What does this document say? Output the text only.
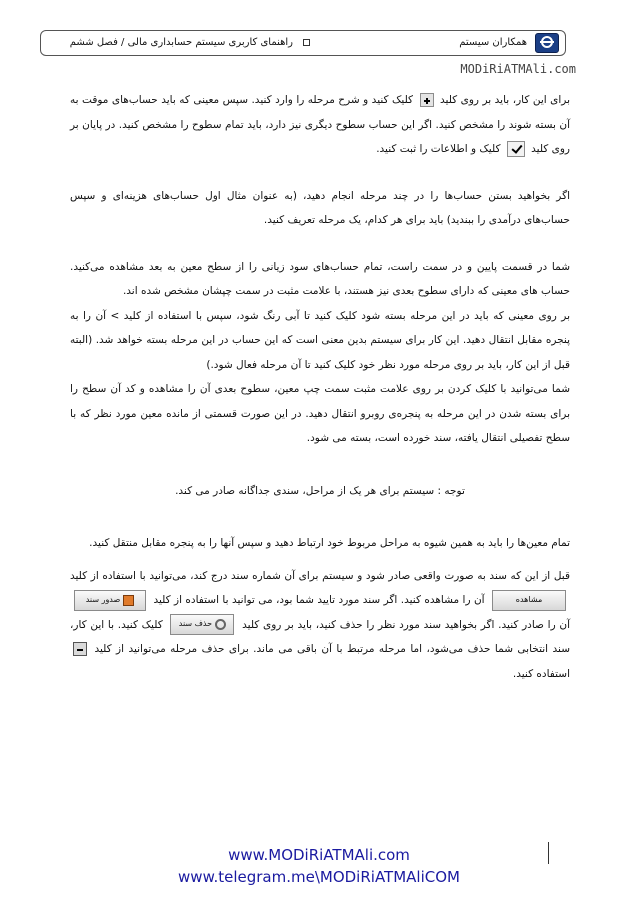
همکاران سیستم
راهنمای کاربری سیستم حسابداری مالی / فصل ششم
MODiRiATMAli.com

برای این کار، باید بر روی کلید  کلیک کنید و شرح مرحله را وارد کنید. سپس معینی که باید حساب‌های موقت به آن بسته شوند را مشخص کنید. اگر این حساب سطوح دیگری نیز دارد، باید تمام سطوح را مشخص کنید. در پایان بر روی کلید  کلیک و اطلاعات را ثبت کنید.

اگر بخواهید بستن حساب‌ها را در چند مرحله انجام دهید، (به عنوان مثال اول حساب‌های هزینه‌ای و سپس حساب‌های درآمدی را ببندید) باید برای هر کدام، یک مرحله تعریف کنید.

شما در قسمت پایین و در سمت راست، تمام حساب‌های سود زیانی را از سطح معین به بعد مشاهده می‌کنید. حساب های معینی که دارای سطوح بعدی نیز هستند، با علامت مثبت در سمت چپشان مشخص شده اند.

بر روی معینی که باید در این مرحله بسته شود کلیک کنید تا آبی رنگ شود، سپس با استفاده از کلید > آن را به پنجره مقابل انتقال دهید. این کار برای سیستم بدین معنی است که این حساب در این مرحله بسته خواهد شد. (البته قبل از این کار، باید بر روی مرحله مورد نظر خود کلیک کنید تا آن مرحله فعال شود.)

شما می‌توانید با کلیک کردن بر روی علامت مثبت سمت چپ معین، سطوح بعدی آن را مشاهده و کد آن سطح را برای بسته شدن در این مرحله به پنجره‌ی روبرو انتقال دهید. در این صورت قسمتی از مانده معین مورد نظر که با سطح تفصیلی انتقال یافته، سند خورده است، بسته می شود.

توجه : سیستم برای هر یک از مراحل، سندی جداگانه صادر می کند.

تمام معین‌ها را باید به همین شیوه به مراحل مربوط خود ارتباط دهید و سپس آنها را به پنجره مقابل منتقل کنید.

قبل از این که سند به صورت واقعی صادر شود و سیستم برای آن شماره سند درج کند، می‌توانید با استفاده از کلید
مشاهده
آن را مشاهده کنید. اگر سند مورد تایید شما بود، می توانید با استفاده از کلید
صدور سند
آن را صادر کنید. اگر بخواهید سند مورد نظر را حذف کنید، باید بر روی کلید
حذف سند
کلیک کنید. با این کار، سند انتخابی شما حذف می‌شود، اما مرحله مرتبط با آن باقی می ماند. برای حذف مرحله می‌توانید از کلید  استفاده کنید.

www.MODiRiATMAli.com
www.telegram.me\MODiRiATMAliCOM
